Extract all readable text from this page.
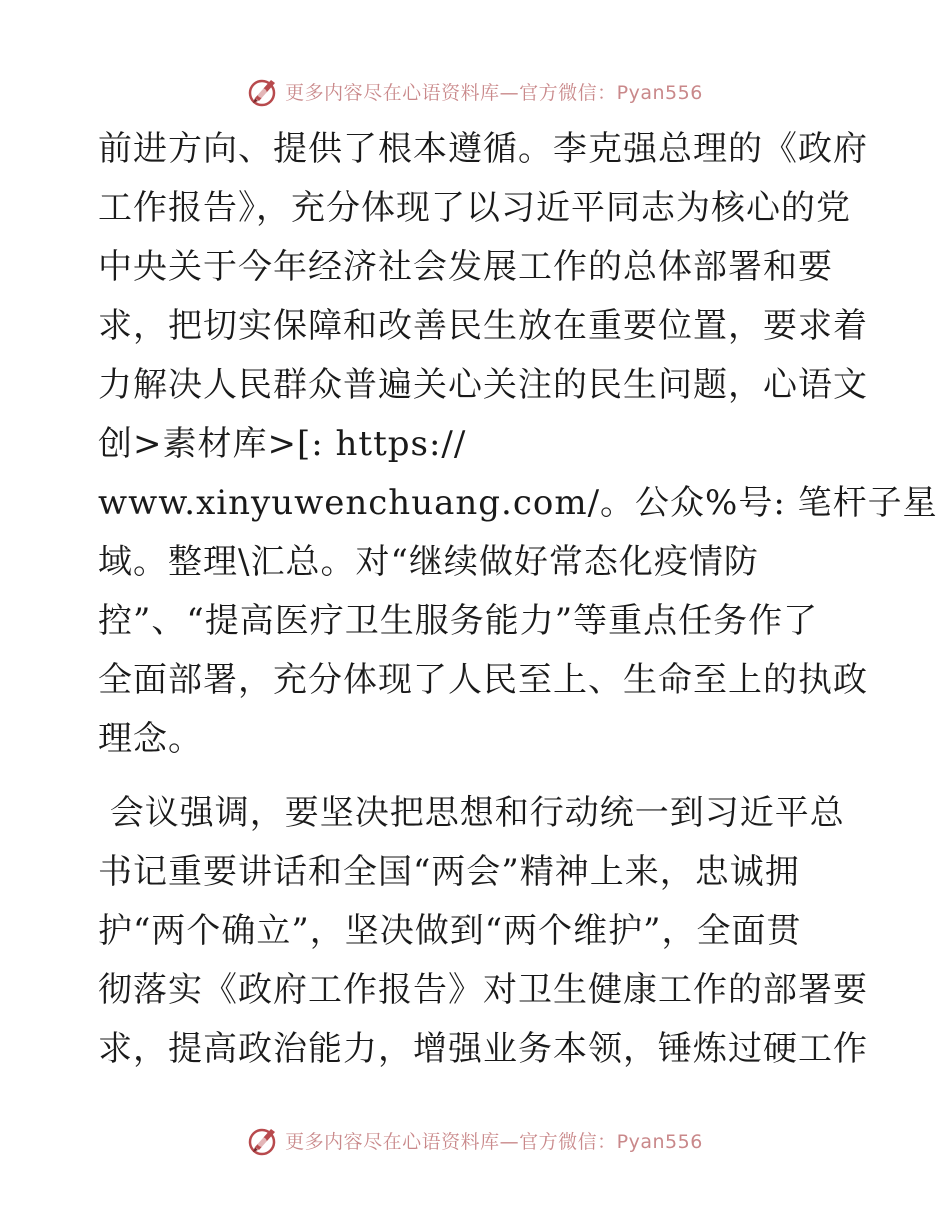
更多内容尽在心语资料库—官方微信：Pyan556
前进方向、提供了根本遵循。李克强总理的《政府
工作报告》，充分体现了以习近平同志为核心的党
中央关于今年经济社会发展工作的总体部署和要
求，把切实保障和改善民生放在重要位置，要求着
力解决人民群众普遍关心关注的民生问题，心语文
创>素材库>[: https://
www.xinyuwenchuang.com/。公众%号: 笔杆子星
域。整理\汇总。对“继续做好常态化疫情防
控”、“提高医疗卫生服务能力”等重点任务作了
全面部署，充分体现了人民至上、生命至上的执政
理念。
会议强调，要坚决把思想和行动统一到习近平总
书记重要讲话和全国“两会”精神上来，忠诚拥
护“两个确立”，坚决做到“两个维护”，全面贯
彻落实《政府工作报告》对卫生健康工作的部署要
求，提高政治能力，增强业务本领，锤炼过硬工作
更多内容尽在心语资料库—官方微信：Pyan556
